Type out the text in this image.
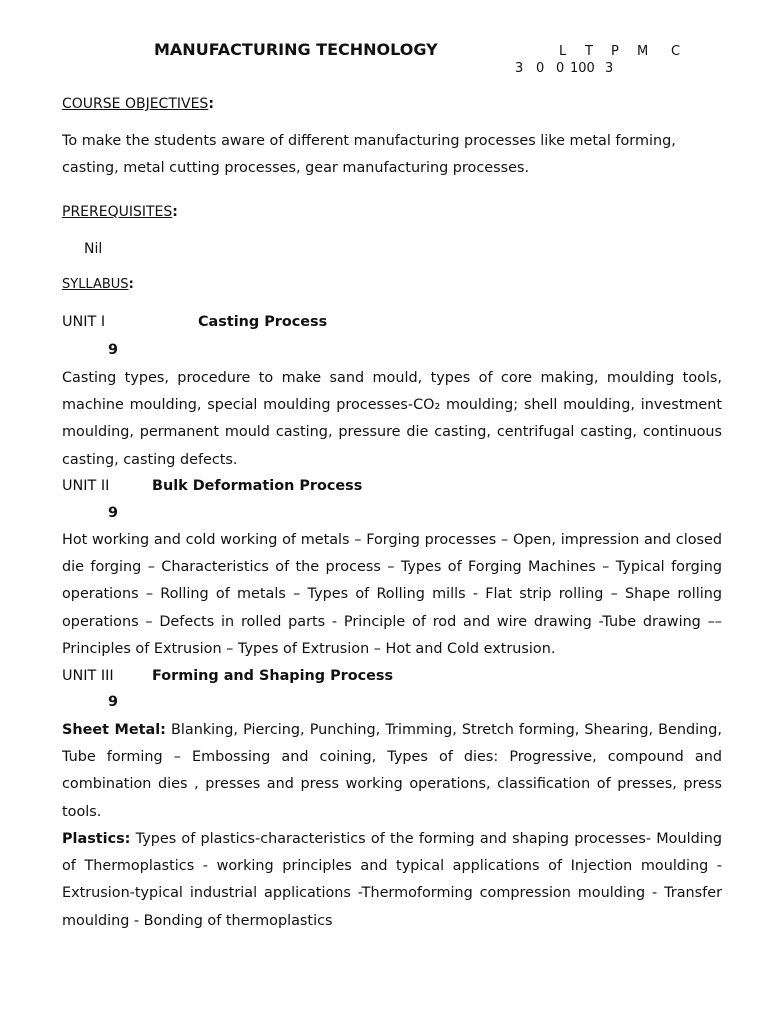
MANUFACTURING TECHNOLOGY	L T P M C
3 0 0 100 3
COURSE OBJECTIVES:
To make the students aware of different manufacturing processes like metal forming, casting, metal cutting processes, gear manufacturing processes.
PREREQUISITES:
Nil
SYLLABUS:
UNIT I	Casting Process
9
Casting types, procedure to make sand mould, types of core making, moulding tools, machine moulding, special moulding processes-CO₂ moulding; shell moulding, investment moulding, permanent mould casting, pressure die casting, centrifugal casting, continuous casting, casting defects.
UNIT II	Bulk Deformation Process
9
Hot working and cold working of metals – Forging processes – Open, impression and closed die forging – Characteristics of the process – Types of Forging Machines – Typical forging operations – Rolling of metals – Types of Rolling mills - Flat strip rolling – Shape rolling operations – Defects in rolled parts - Principle of rod and wire drawing -Tube drawing –– Principles of Extrusion – Types of Extrusion – Hot and Cold extrusion.
UNIT III	Forming and Shaping Process
9
Sheet Metal: Blanking, Piercing, Punching, Trimming, Stretch forming, Shearing, Bending, Tube forming – Embossing and coining, Types of dies: Progressive, compound and combination dies , presses and press working operations, classification of presses, press tools.
Plastics: Types of plastics-characteristics of the forming and shaping processes- Moulding of Thermoplastics - working principles and typical applications of Injection moulding - Extrusion-typical industrial applications -Thermoforming compression moulding - Transfer moulding - Bonding of thermoplastics
